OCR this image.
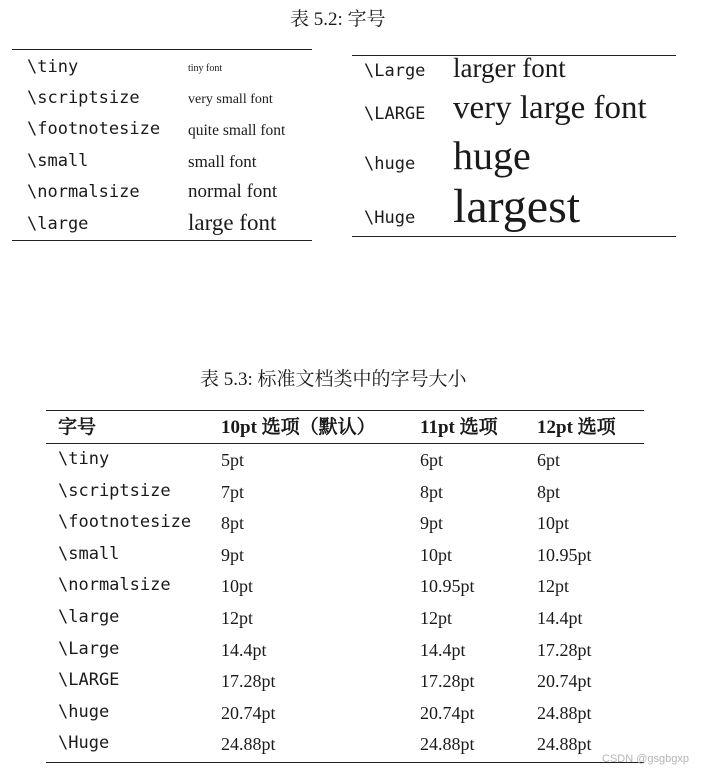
表 5.2: 字号
\tiny	tiny font
\scriptsize	very small font
\footnotesize quite small font
\small	small font
\normalsize	normal font
\large	large font
\Large larger font
\LARGE very large font
\huge huge
\Huge largest
表 5.3: 标准文档类中的字号大小
字号	10pt 选项（默认） 11pt 选项 12pt 选项
\tiny	5pt	6pt	6pt
\scriptsize	7pt	8pt	8pt
\footnotesize 8pt	9pt	10pt
\small	9pt	10pt	10.95pt
\normalsize	10pt	10.95pt	12pt
\large	12pt	12pt	14.4pt
\Large	14.4pt	14.4pt	17.28pt
\LARGE	17.28pt	17.28pt	20.74pt
\huge	20.74pt	20.74pt	24.88pt
\Huge	24.88pt	24.88pt	24.88pt
CSDN @gsgbgxp
